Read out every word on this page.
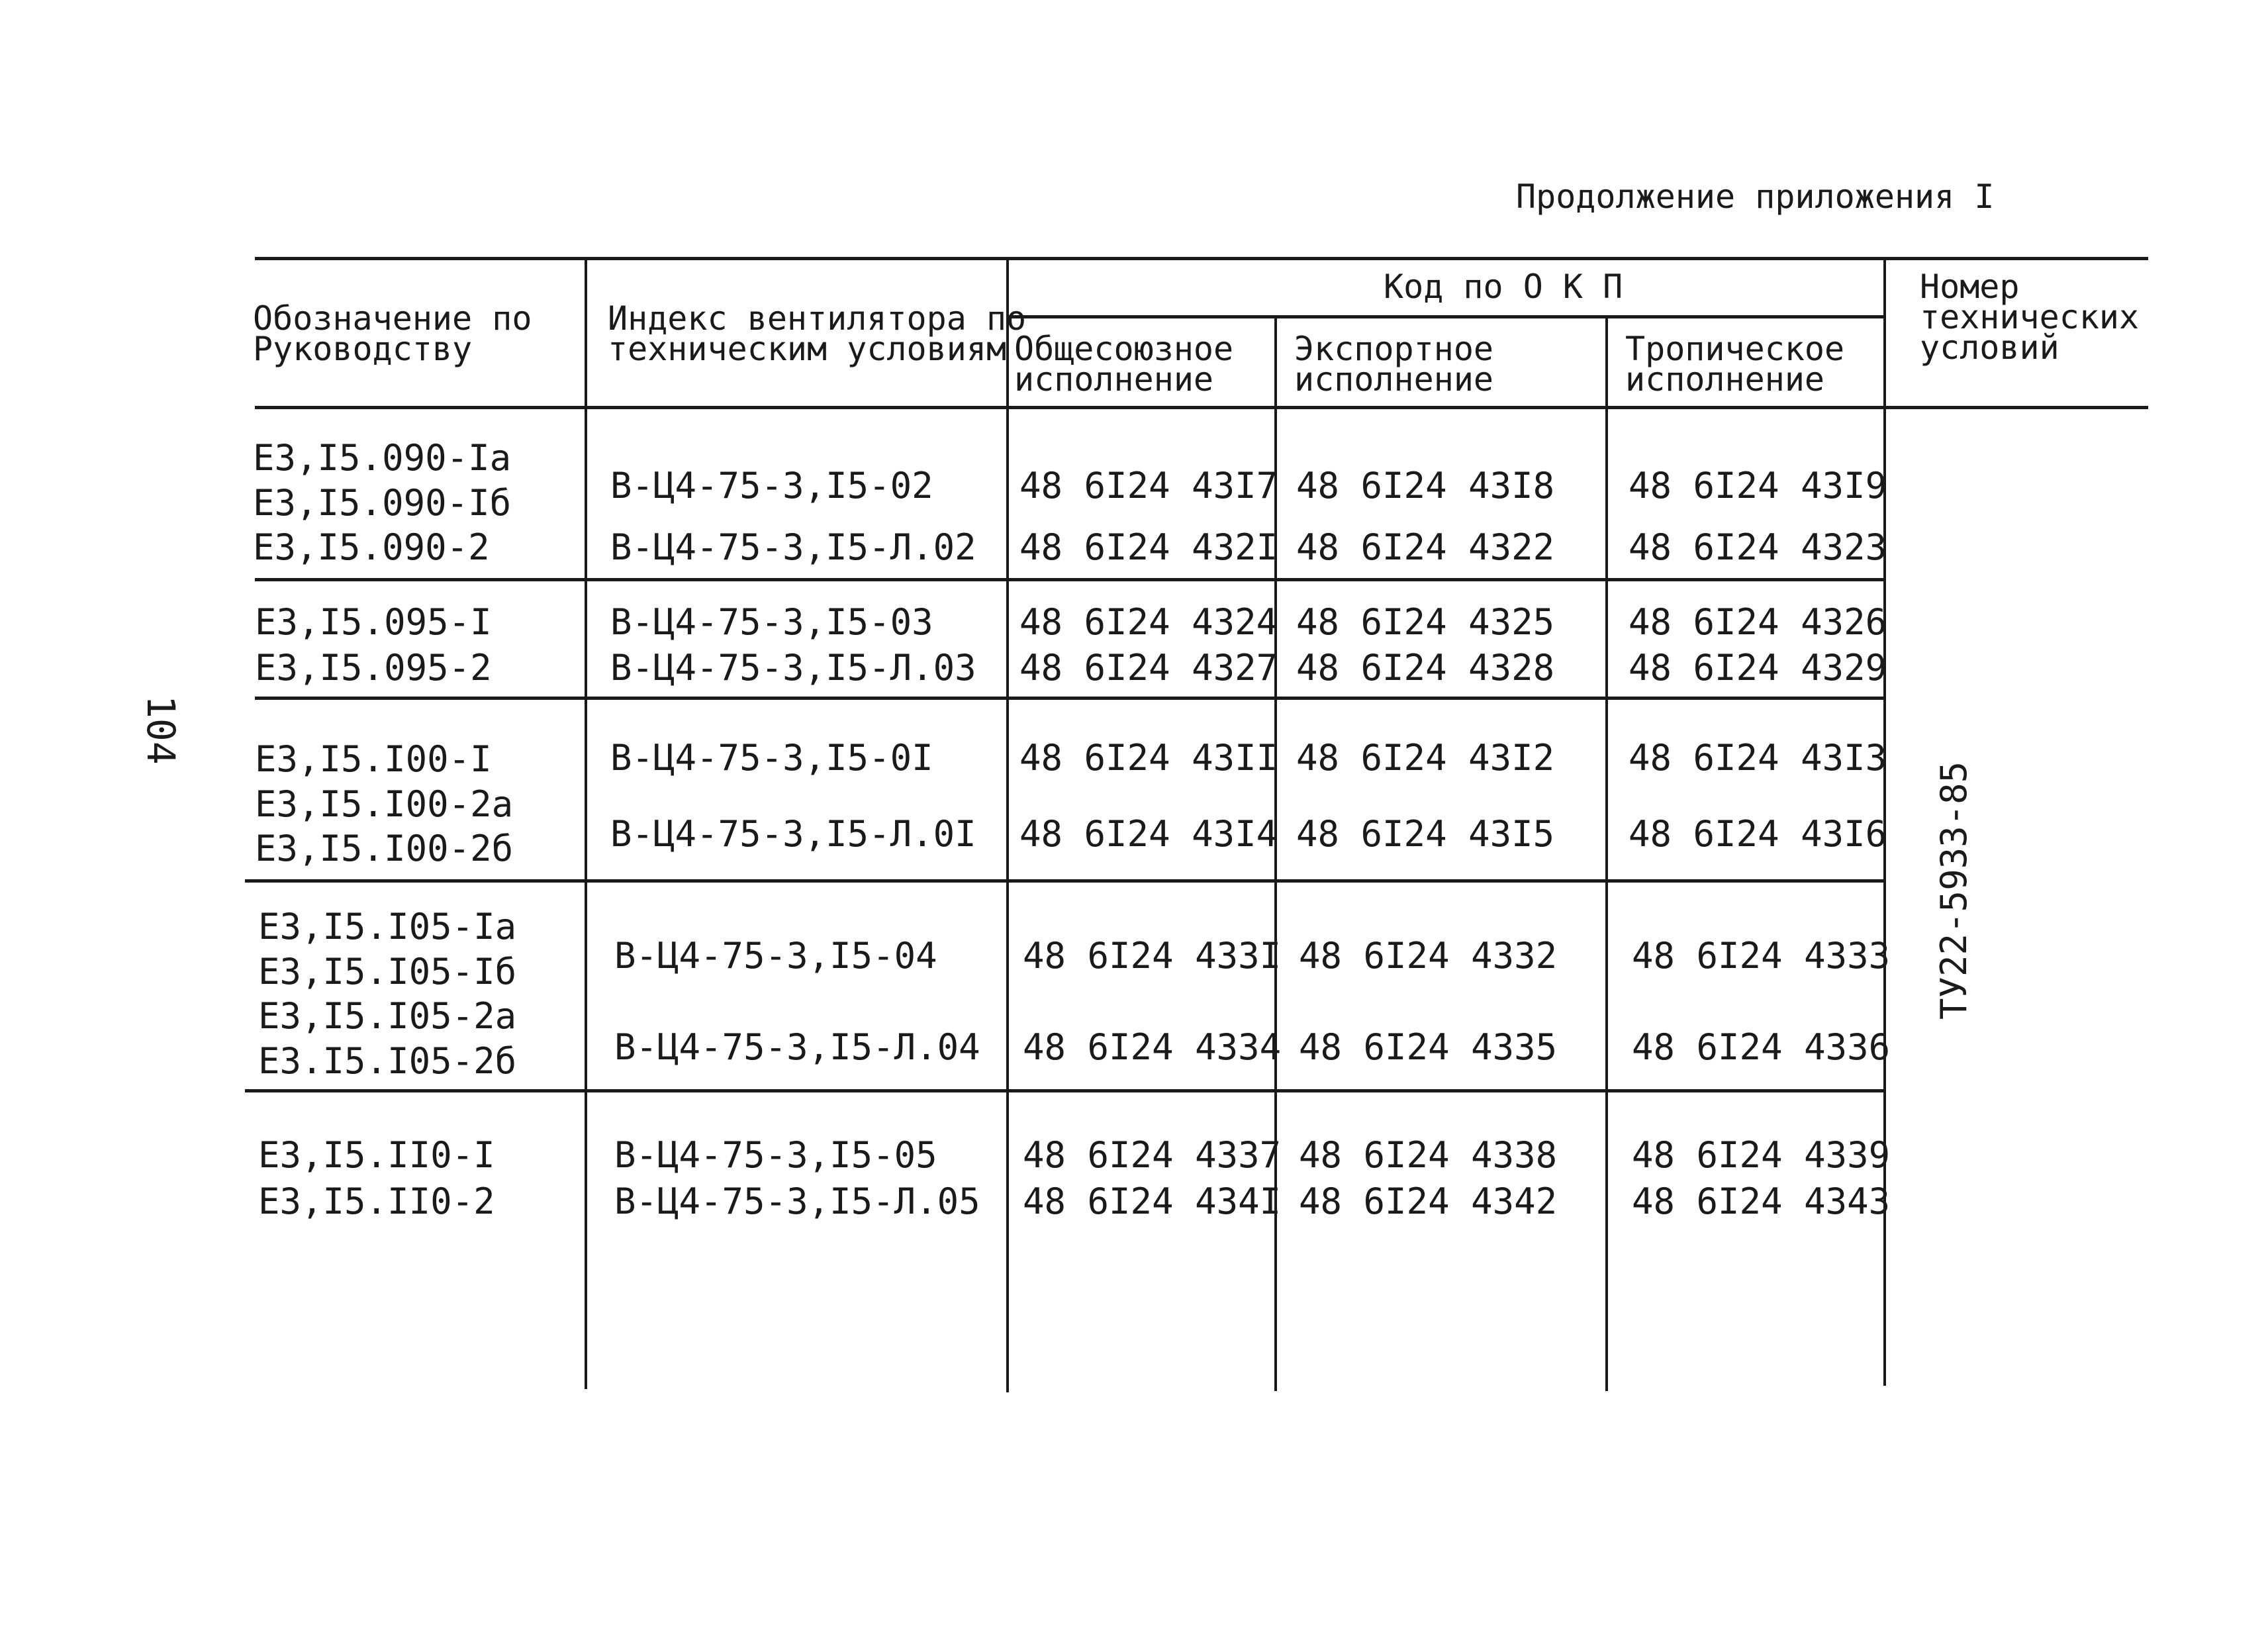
Продолжение приложения I
104
Обозначение по
Руководству
Индекс вентилятора по
техническим условиям
Код по О К П
Общесоюзное
исполнение
Экспортное
исполнение
Тропическое
исполнение
Номер
технических
условий
Е3,I5.090-Iа
Е3,I5.090-Iб
Е3,I5.090-2
В-Ц4-75-3,I5-02 48 6I24 43I7 48 6I24 43I8 48 6I24 43I9
В-Ц4-75-3,I5-Л.02 48 6I24 432I 48 6I24 4322 48 6I24 4323
Е3,I5.095-I
Е3,I5.095-2
В-Ц4-75-3,I5-03 48 6I24 4324 48 6I24 4325 48 6I24 4326
В-Ц4-75-3,I5-Л.03 48 6I24 4327 48 6I24 4328 48 6I24 4329
Е3,I5.I00-I
Е3,I5.I00-2а
Е3,I5.I00-2б
В-Ц4-75-3,I5-0I 48 6I24 43II 48 6I24 43I2 48 6I24 43I3
В-Ц4-75-3,I5-Л.0I 48 6I24 43I4 48 6I24 43I5 48 6I24 43I6
Е3,I5.I05-Iа
Е3,I5.I05-Iб
Е3,I5.I05-2а
Е3.I5.I05-2б
В-Ц4-75-3,I5-04 48 6I24 433I 48 6I24 4332 48 6I24 4333
В-Ц4-75-3,I5-Л.04 48 6I24 4334 48 6I24 4335 48 6I24 4336
Е3,I5.II0-I
Е3,I5.II0-2
В-Ц4-75-3,I5-05 48 6I24 4337 48 6I24 4338 48 6I24 4339
В-Ц4-75-3,I5-Л.05 48 6I24 434I 48 6I24 4342 48 6I24 4343
ТУ22-5933-85
